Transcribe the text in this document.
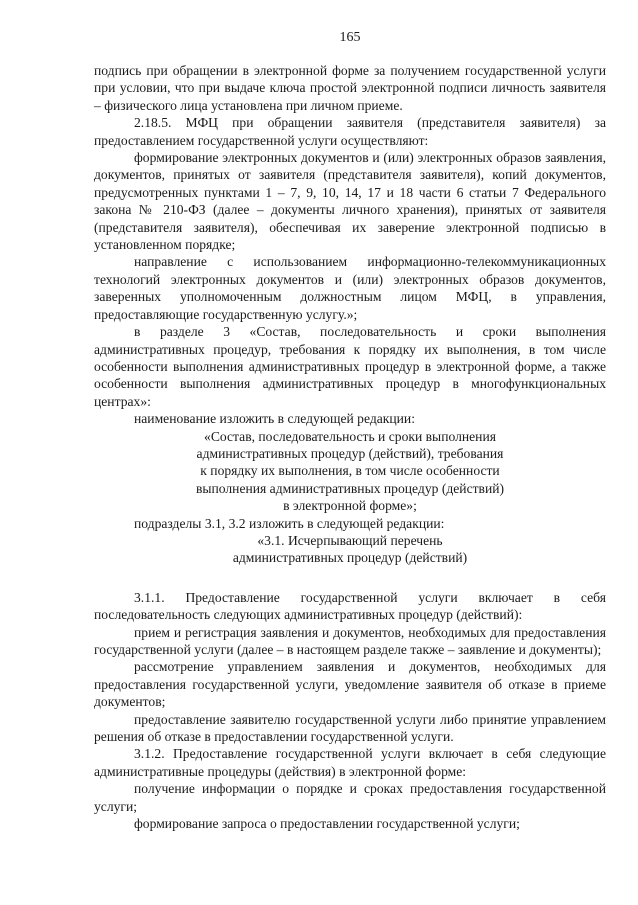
165

подпись при обращении в электронной форме за получением государственной услуги при условии, что при выдаче ключа простой электронной подписи личность заявителя – физического лица установлена при личном приеме.

2.18.5. МФЦ при обращении заявителя (представителя заявителя) за предоставлением государственной услуги осуществляют:

формирование электронных документов и (или) электронных образов заявления, документов, принятых от заявителя (представителя заявителя), копий документов, предусмотренных пунктами 1 – 7, 9, 10, 14, 17 и 18 части 6 статьи 7 Федерального закона № 210-ФЗ (далее – документы личного хранения), принятых от заявителя (представителя заявителя), обеспечивая их заверение электронной подписью в установленном порядке;

направление с использованием информационно-телекоммуникационных технологий электронных документов и (или) электронных образов документов, заверенных уполномоченным должностным лицом МФЦ, в управления, предоставляющие государственную услугу.»;

в разделе 3 «Состав, последовательность и сроки выполнения административных процедур, требования к порядку их выполнения, в том числе особенности выполнения административных процедур в электронной форме, а также особенности выполнения административных процедур в многофункциональных центрах»:

наименование изложить в следующей редакции:

«Состав, последовательность и сроки выполнения

административных процедур (действий), требования

к порядку их выполнения, в том числе особенности

выполнения административных процедур (действий)

в электронной форме»;

подразделы 3.1, 3.2 изложить в следующей редакции:

«3.1. Исчерпывающий перечень

административных процедур (действий)

3.1.1. Предоставление государственной услуги включает в себя последовательность следующих административных процедур (действий):

прием и регистрация заявления и документов, необходимых для предоставления государственной услуги (далее – в настоящем разделе также – заявление и документы);

рассмотрение управлением заявления и документов, необходимых для предоставления государственной услуги, уведомление заявителя об отказе в приеме документов;

предоставление заявителю государственной услуги либо принятие управлением решения об отказе в предоставлении государственной услуги.

3.1.2. Предоставление государственной услуги включает в себя следующие административные процедуры (действия) в электронной форме:

получение информации о порядке и сроках предоставления государственной услуги;

формирование запроса о предоставлении государственной услуги;
